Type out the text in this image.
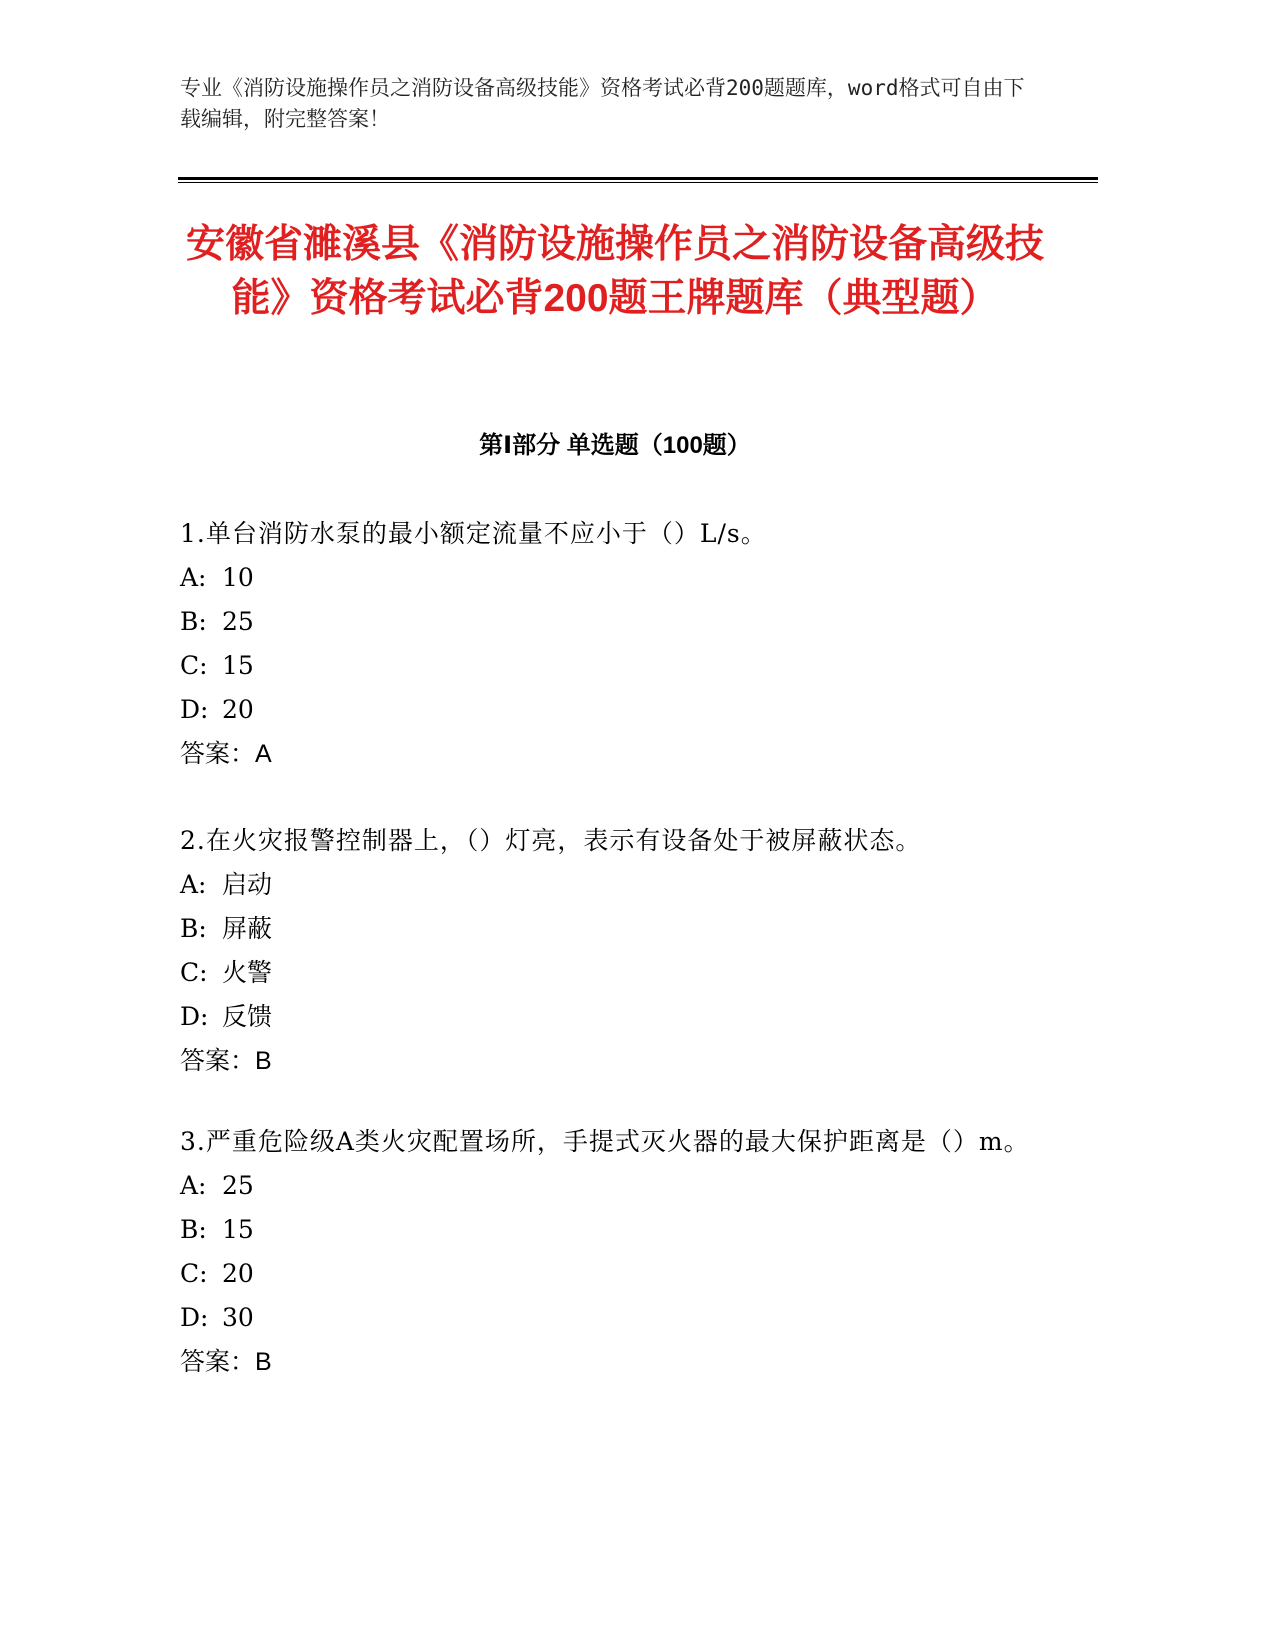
专业《消防设施操作员之消防设备高级技能》资格考试必背200题题库，word格式可自由下载编辑，附完整答案！
安徽省濉溪县《消防设施操作员之消防设备高级技能》资格考试必背200题王牌题库（典型题）
第Ⅰ部分 单选题（100题）
1.单台消防水泵的最小额定流量不应小于（）L/s。
A: 10
B: 25
C: 15
D: 20
答案：A
2.在火灾报警控制器上，（）灯亮，表示有设备处于被屏蔽状态。
A: 启动
B: 屏蔽
C: 火警
D: 反馈
答案：B
3.严重危险级A类火灾配置场所，手提式灭火器的最大保护距离是（）m。
A: 25
B: 15
C: 20
D: 30
答案：B
